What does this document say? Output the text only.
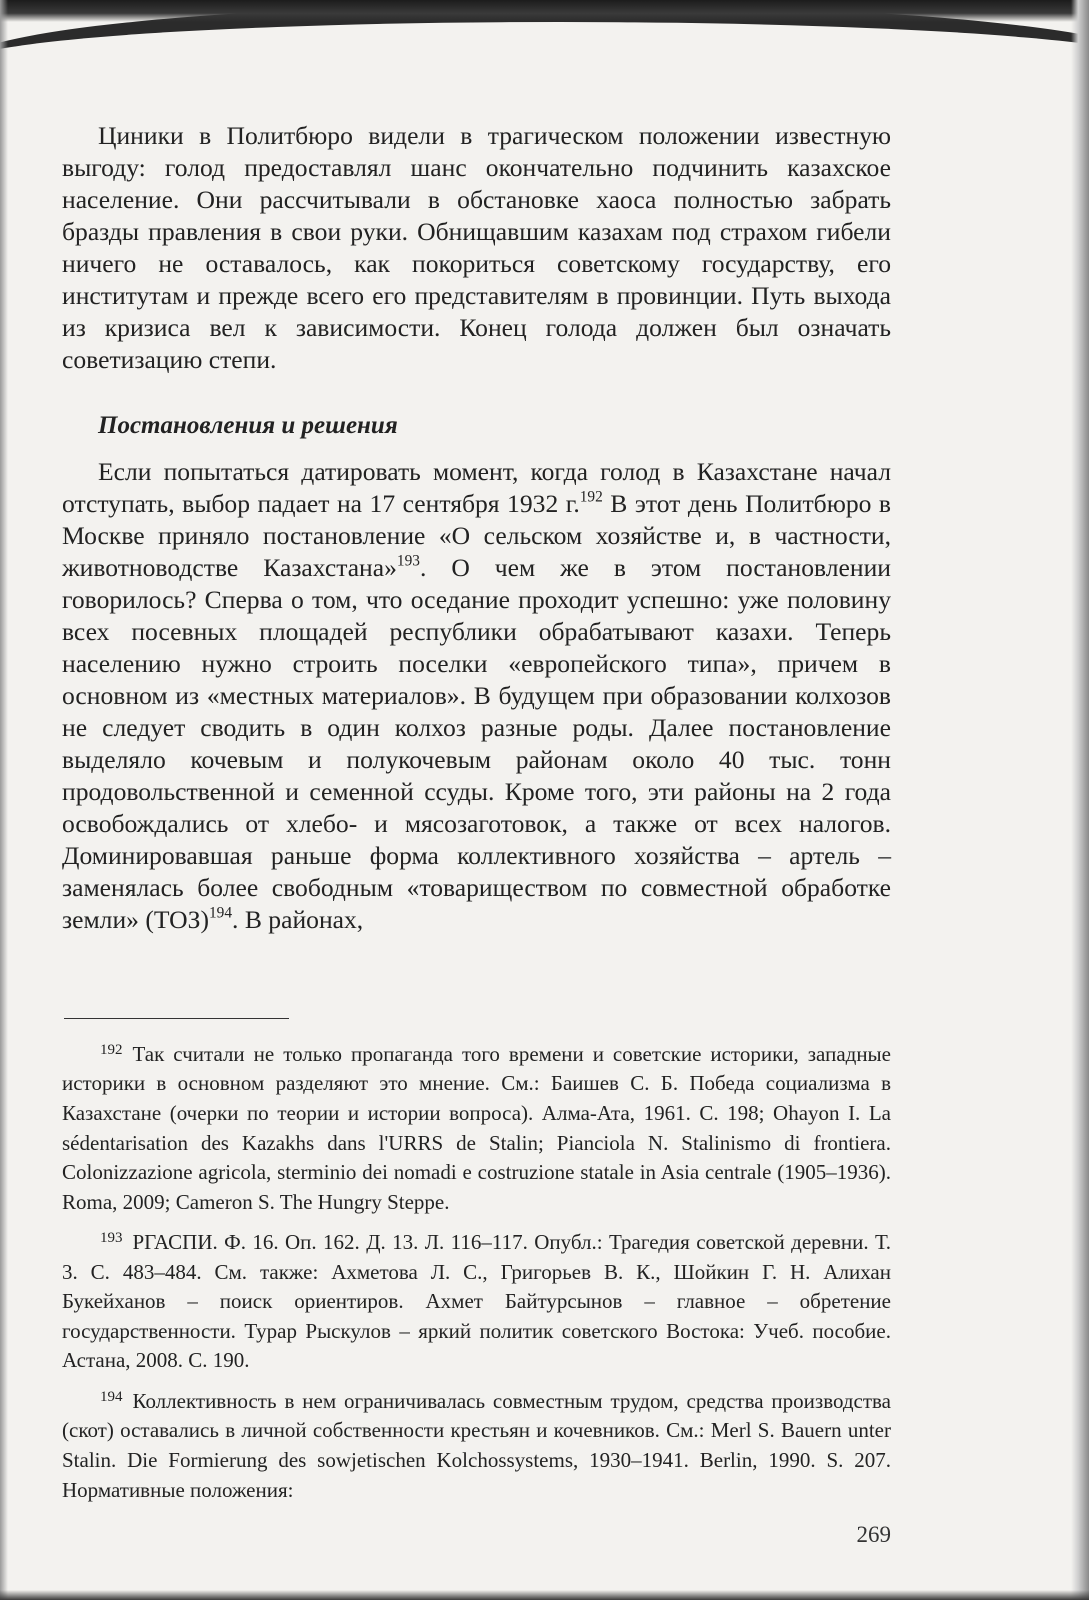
Циники в Политбюро видели в трагическом положении известную выгоду: голод предоставлял шанс окончательно подчинить казахское население. Они рассчитывали в обстановке хаоса полностью забрать бразды правления в свои руки. Обнищавшим казахам под страхом гибели ничего не оставалось, как покориться советскому государству, его институтам и прежде всего его представителям в провинции. Путь выхода из кризиса вел к зависимости. Конец голода должен был означать советизацию степи.

Постановления и решения

Если попытаться датировать момент, когда голод в Казахстане начал отступать, выбор падает на 17 сентября 1932 г.$^{192}$ В этот день Политбюро в Москве приняло постановление «О сельском хозяйстве и, в частности, животноводстве Казахстана»$^{193}$. О чем же в этом постановлении говорилось? Сперва о том, что оседание проходит успешно: уже половину всех посевных площадей республики обрабатывают казахи. Теперь населению нужно строить поселки «европейского типа», причем в основном из «местных материалов». В будущем при образовании колхозов не следует сводить в один колхоз разные роды. Далее постановление выделяло кочевым и полукочевым районам около 40 тыс. тонн продовольственной и семенной ссуды. Кроме того, эти районы на 2 года освобождались от хлебо- и мясозаготовок, а также от всех налогов. Доминировавшая раньше форма коллективного хозяйства – артель – заменялась более свободным «товариществом по совместной обработке земли» (ТОЗ)$^{194}$. В районах,

$^{192}$ Так считали не только пропаганда того времени и советские историки, западные историки в основном разделяют это мнение. См.: Баишев С. Б. Победа социализма в Казахстане (очерки по теории и истории вопроса). Алма-Ата, 1961. С. 198; Ohayon I. La sédentarisation des Kazakhs dans l'URRS de Stalin; Pianciola N. Stalinismo di frontiera. Colonizzazione agricola, sterminio dei nomadi e costruzione statale in Asia centrale (1905–1936). Roma, 2009; Cameron S. The Hungry Steppe.

$^{193}$ РГАСПИ. Ф. 16. Оп. 162. Д. 13. Л. 116–117. Опубл.: Трагедия советской деревни. Т. 3. С. 483–484. См. также: Ахметова Л. С., Григорьев В. К., Шойкин Г. Н. Алихан Букейханов – поиск ориентиров. Ахмет Байтурсынов – главное – обретение государственности. Турар Рыскулов – яркий политик советского Востока: Учеб. пособие. Астана, 2008. С. 190.

$^{194}$ Коллективность в нем ограничивалась совместным трудом, средства производства (скот) оставались в личной собственности крестьян и кочевников. См.: Merl S. Bauern unter Stalin. Die Formierung des sowjetischen Kolchossystems, 1930–1941. Berlin, 1990. S. 207. Нормативные положения:

269
